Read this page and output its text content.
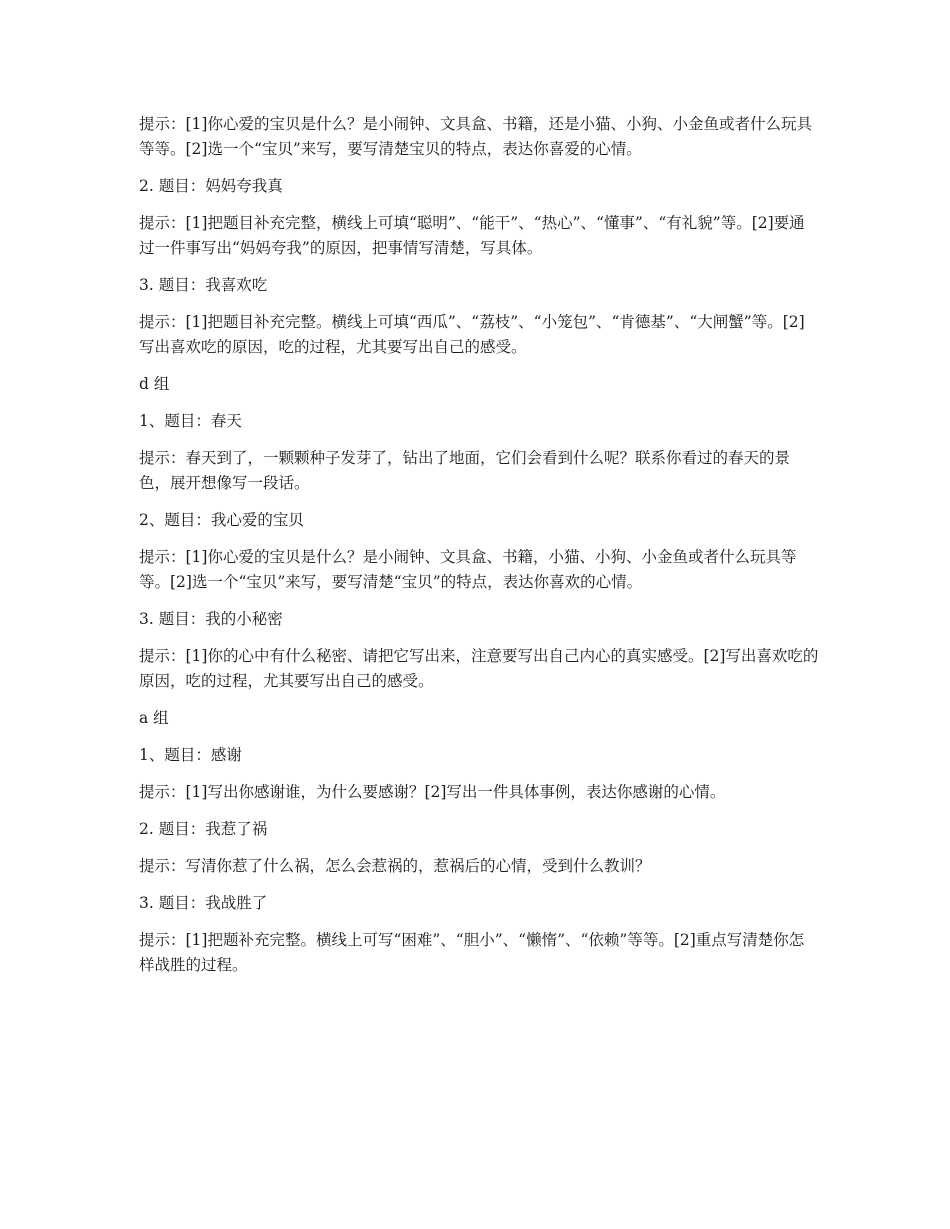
提示：[1]你心爱的宝贝是什么？是小闹钟、文具盒、书籍，还是小猫、小狗、小金鱼或者什么玩具等等。[2]选一个“宝贝”来写，要写清楚宝贝的特点，表达你喜爱的心情。

2. 题目：妈妈夸我真

提示：[1]把题目补充完整，横线上可填“聪明”、“能干”、“热心”、“懂事”、“有礼貌”等。[2]要通过一件事写出“妈妈夸我”的原因，把事情写清楚，写具体。

3. 题目：我喜欢吃

提示：[1]把题目补充完整。横线上可填“西瓜”、“荔枝”、“小笼包”、“肯德基”、“大闸蟹”等。[2]写出喜欢吃的原因，吃的过程，尤其要写出自己的感受。

d 组

1、题目：春天

提示：春天到了，一颗颗种子发芽了，钻出了地面，它们会看到什么呢？联系你看过的春天的景色，展开想像写一段话。

2、题目：我心爱的宝贝

提示：[1]你心爱的宝贝是什么？是小闹钟、文具盒、书籍，小猫、小狗、小金鱼或者什么玩具等等。[2]选一个“宝贝”来写，要写清楚“宝贝”的特点，表达你喜欢的心情。

3. 题目：我的小秘密

提示：[1]你的心中有什么秘密、请把它写出来，注意要写出自己内心的真实感受。[2]写出喜欢吃的原因，吃的过程，尤其要写出自己的感受。

a 组

1、题目：感谢

提示：[1]写出你感谢谁，为什么要感谢？[2]写出一件具体事例，表达你感谢的心情。

2. 题目：我惹了祸

提示：写清你惹了什么祸，怎么会惹祸的，惹祸后的心情，受到什么教训？

3. 题目：我战胜了

提示：[1]把题补充完整。横线上可写“困难”、“胆小”、“懒惰”、“依赖”等等。[2]重点写清楚你怎样战胜的过程。
